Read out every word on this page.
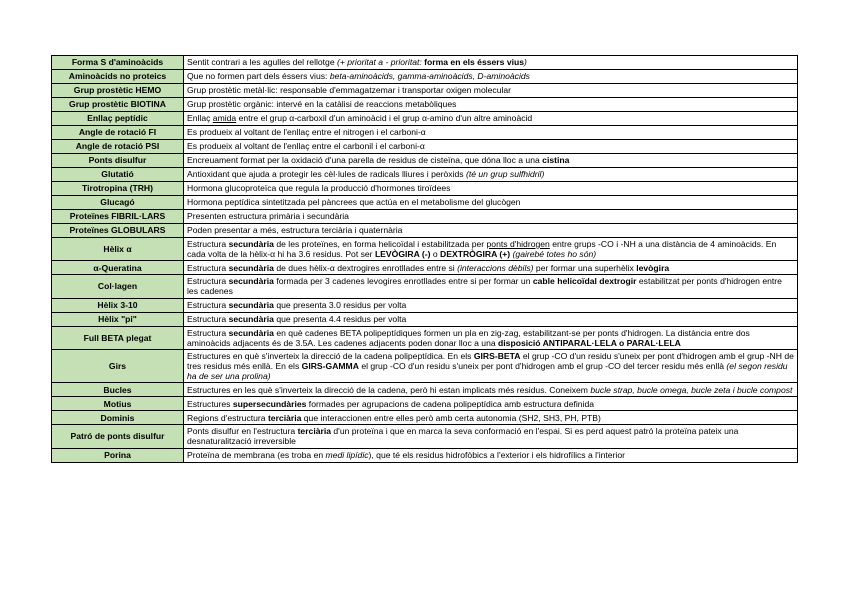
Forma S d'aminoàcids	Sentit contrari a les agulles del rellotge (+ prioritat a - prioritat: forma en els éssers vius)
Aminoàcids no proteics	Que no formen part dels éssers vius: beta-aminoàcids, gamma-aminoàcids, D-aminoàcids
Grup prostètic HEMO	Grup prostètic metàl·lic: responsable d'emmagatzemar i transportar oxigen molecular
Grup prostètic BIOTINA	Grup prostètic orgànic: intervé en la catàlisi de reaccions metabòliques
Enllaç peptídic	Enllaç amida entre el grup α-carboxil d'un aminoàcid i el grup α-amino d'un altre aminoàcid
Angle de rotació FI	Es produeix al voltant de l'enllaç entre el nitrogen i el carboni-α
Angle de rotació PSI	Es produeix al voltant de l'enllaç entre el carbonil i el carboni-α
Ponts disulfur	Encreuament format per la oxidació d'una parella de residus de cisteïna, que dóna lloc a una cistina
Glutatió	Antioxidant que ajuda a protegir les cèl·lules de radicals lliures i peròxids (té un grup sulfhidril)
Tirotropina (TRH)	Hormona glucoproteïca que regula la producció d'hormones tiroïdees
Glucagó	Hormona peptídica sintetitzada pel pàncrees que actúa en el metabolisme del glucògen
Proteïnes FIBRIL·LARS	Presenten estructura primària i secundària
Proteïnes GLOBULARS	Poden presentar a més, estructura terciària i quaternària
Hèlix α	Estructura secundària de les proteïnes, en forma helicoïdal i estabilitzada per ponts d'hidrogen entre grups -CO i -NH a una distància de 4 aminoàcids. En cada volta de la hèlix-α hi ha 3.6 residus. Pot ser LEVÒGIRA (-) o DEXTRÒGIRA (+) (gairebé totes ho són)
α-Queratina	Estructura secundària de dues hèlix-α dextrogires enrotllades entre si (interaccions dèbils) per formar una superhèlix levògira
Col·lagen	Estructura secundària formada per 3 cadenes levogires enrotllades entre si per formar un cable helicoïdal dextrogir estabilitzat per ponts d'hidrogen entre les cadenes
Hèlix 3-10	Estructura secundària que presenta 3.0 residus per volta
Hèlix "pi"	Estructura secundària que presenta 4.4 residus per volta
Full BETA plegat	Estructura secundària en què cadenes BETA polipeptídiques formen un pla en zig-zag, estabilitzant-se per ponts d'hidrogen. La distància entre dos aminoàcids adjacents és de 3.5A. Les cadenes adjacents poden donar lloc a una disposició ANTIPARAL·LELA o PARAL·LELA
Girs	Estructures en què s'inverteix la direcció de la cadena polipeptídica. En els GIRS-BETA el grup -CO d'un residu s'uneix per pont d'hidrogen amb el grup -NH de tres residus més enllà. En els GIRS-GAMMA el grup -CO d'un residu s'uneix per pont d'hidrogen amb el grup -CO del tercer residu més enllà (el segon residu ha de ser una prolina)
Bucles	Estructures en les què s'inverteix la direcció de la cadena, però hi estan implicats més residus. Coneixem bucle strap, bucle omega, bucle zeta i bucle compost
Motius	Estructures supersecundàries formades per agrupacions de cadena polipeptídica amb estructura definida
Dominis	Regions d'estructura terciària que interaccionen entre elles però amb certa autonomia (SH2, SH3, PH, PTB)
Patró de ponts disulfur	Ponts disulfur en l'estructura terciària d'un proteïna i que en marca la seva conformació en l'espai. Si es perd aquest patró la proteïna pateix una desnaturalització irreversible
Porina	Proteïna de membrana (es troba en medi lipídic), que té els residus hidrofòbics a l'exterior i els hidrofílics a l'interior
